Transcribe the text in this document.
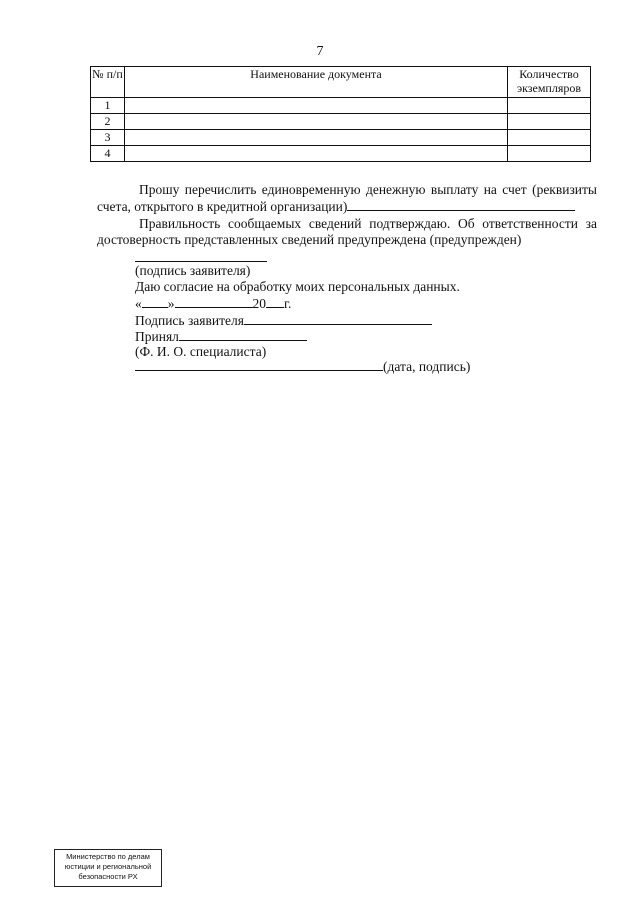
7
№ п/п	Наименование документа	Количество экземпляров
1		
2		
3		
4		
Прошу перечислить единовременную денежную выплату на счет (реквизиты счета, открытого в кредитной организации)
Правильность сообщаемых сведений подтверждаю. Об ответственности за достоверность представленных сведений предупреждена (предупрежден)
(подпись заявителя)
Даю согласие на обработку моих персональных данных.
« »	20 г.
Подпись заявителя
Принял
(Ф. И. О. специалиста)
(дата, подпись)
Министерство по делам
юстиции и региональной
безопасности РХ
